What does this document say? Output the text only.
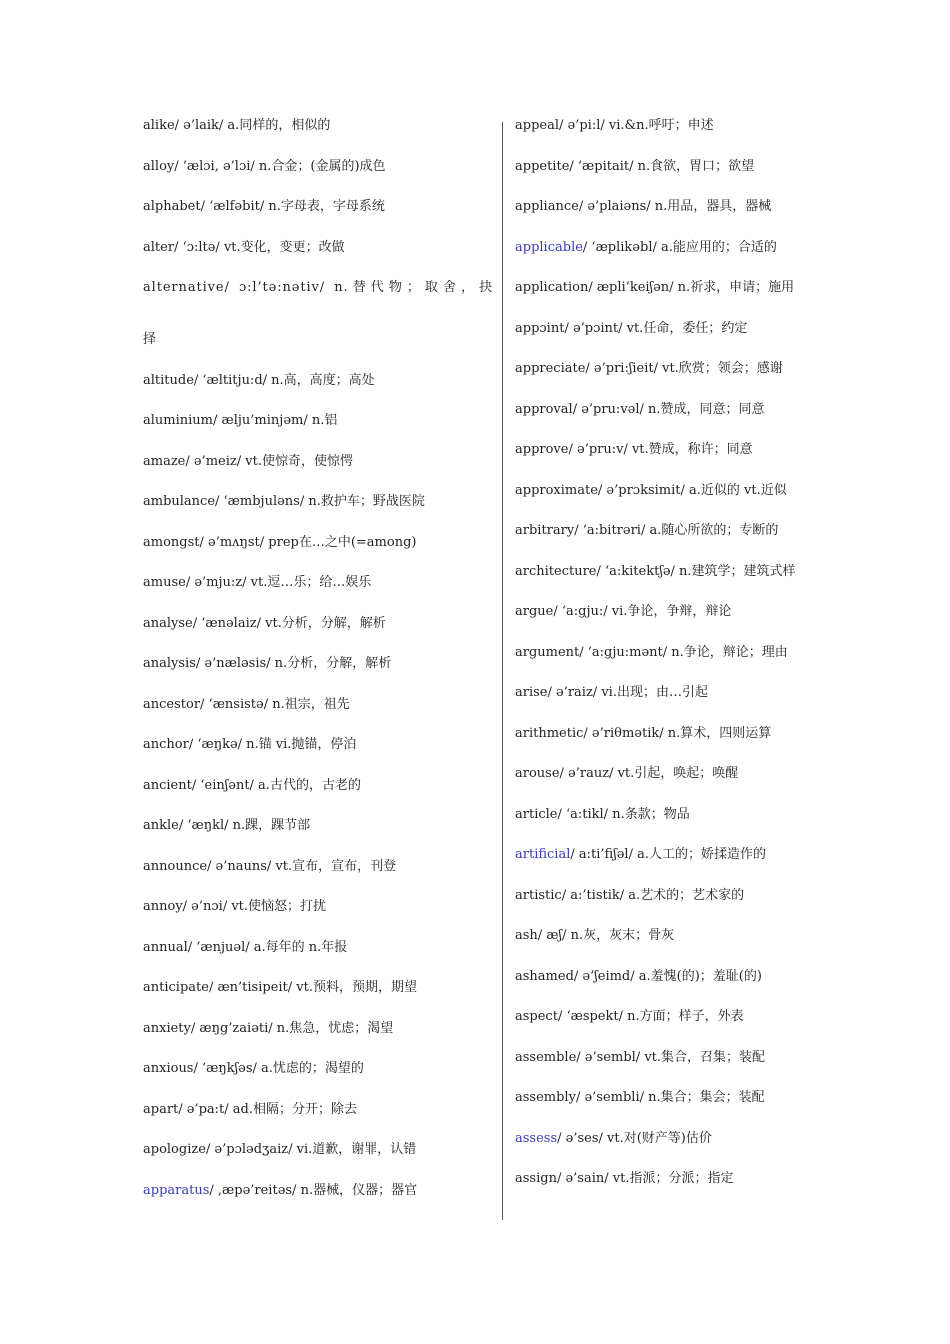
alike/ ə’laik/ a.同样的，相似的
alloy/ ‘ælɔi, ə’lɔi/ n.合金；(金属的)成色
alphabet/ ‘ælfəbit/ n.字母表，字母系统
alter/ ‘ɔ:ltə/ vt.变化，变更；改做
alternative/ ɔ:l’tə:nətiv/ n.替代物；取舍，抉
择
altitude/ ‘æltitju:d/ n.高，高度；高处
aluminium/ ælju’minjəm/ n.铝
amaze/ ə’meiz/ vt.使惊奇，使惊愕
ambulance/ ‘æmbjuləns/ n.救护车；野战医院
amongst/ ə’mʌŋst/ prep在…之中(=among)
amuse/ ə’mju:z/ vt.逗…乐；给…娱乐
analyse/ ‘ænəlaiz/ vt.分析，分解，解析
analysis/ ə’næləsis/ n.分析，分解，解析
ancestor/ ‘ænsistə/ n.祖宗，祖先
anchor/ ‘æŋkə/ n.锚 vi.抛锚，停泊
ancient/ ‘einʃənt/ a.古代的，古老的
ankle/ ‘æŋkl/ n.踝，踝节部
announce/ ə’nauns/ vt.宣布，宣布，刊登
annoy/ ə’nɔi/ vt.使恼怒；打扰
annual/ ‘ænjuəl/ a.每年的 n.年报
anticipate/ æn’tisipeit/ vt.预料，预期，期望
anxiety/ æŋg’zaiəti/ n.焦急，忧虑；渴望
anxious/ ‘æŋkʃəs/ a.忧虑的；渴望的
apart/ ə’pa:t/ ad.相隔；分开；除去
apologize/ ə’pɔlədʒaiz/ vi.道歉，谢罪，认错
apparatus/ ,æpə’reitəs/ n.器械，仪器；器官
appeal/ ə’pi:l/ vi.&n.呼吁；申述
appetite/ ‘æpitait/ n.食欲，胃口；欲望
appliance/ ə’plaiəns/ n.用品，器具，器械
applicable/ ‘æplikəbl/ a.能应用的；合适的
application/ æpli’keiʃən/ n.祈求，申请；施用
appɔint/ ə’pɔint/ vt.任命，委任；约定
appreciate/ ə’pri:ʃieit/ vt.欣赏；领会；感谢
approval/ ə’pru:vəl/ n.赞成，同意；同意
approve/ ə’pru:v/ vt.赞成，称许；同意
approximate/ ə’prɔksimit/ a.近似的 vt.近似
arbitrary/ ‘a:bitrəri/ a.随心所欲的；专断的
architecture/ ‘a:kitektʃə/ n.建筑学；建筑式样
argue/ ‘a:gju:/ vi.争论，争辩，辩论
argument/ ‘a:gju:mənt/ n.争论，辩论；理由
arise/ ə’raiz/ vi.出现；由…引起
arithmetic/ ə’riθmətik/ n.算术，四则运算
arouse/ ə’rauz/ vt.引起，唤起；唤醒
article/ ‘a:tikl/ n.条款；物品
artificial/ a:ti’fiʃəl/ a.人工的；娇揉造作的
artistic/ a:’tistik/ a.艺术的；艺术家的
ash/ æʃ/ n.灰，灰末；骨灰
ashamed/ ə’ʃeimd/ a.羞愧(的)；羞耻(的)
aspect/ ‘æspekt/ n.方面；样子，外表
assemble/ ə’sembl/ vt.集合，召集；装配
assembly/ ə’sembli/ n.集合；集会；装配
assess/ ə’ses/ vt.对(财产等)估价
assign/ ə’sain/ vt.指派；分派；指定
